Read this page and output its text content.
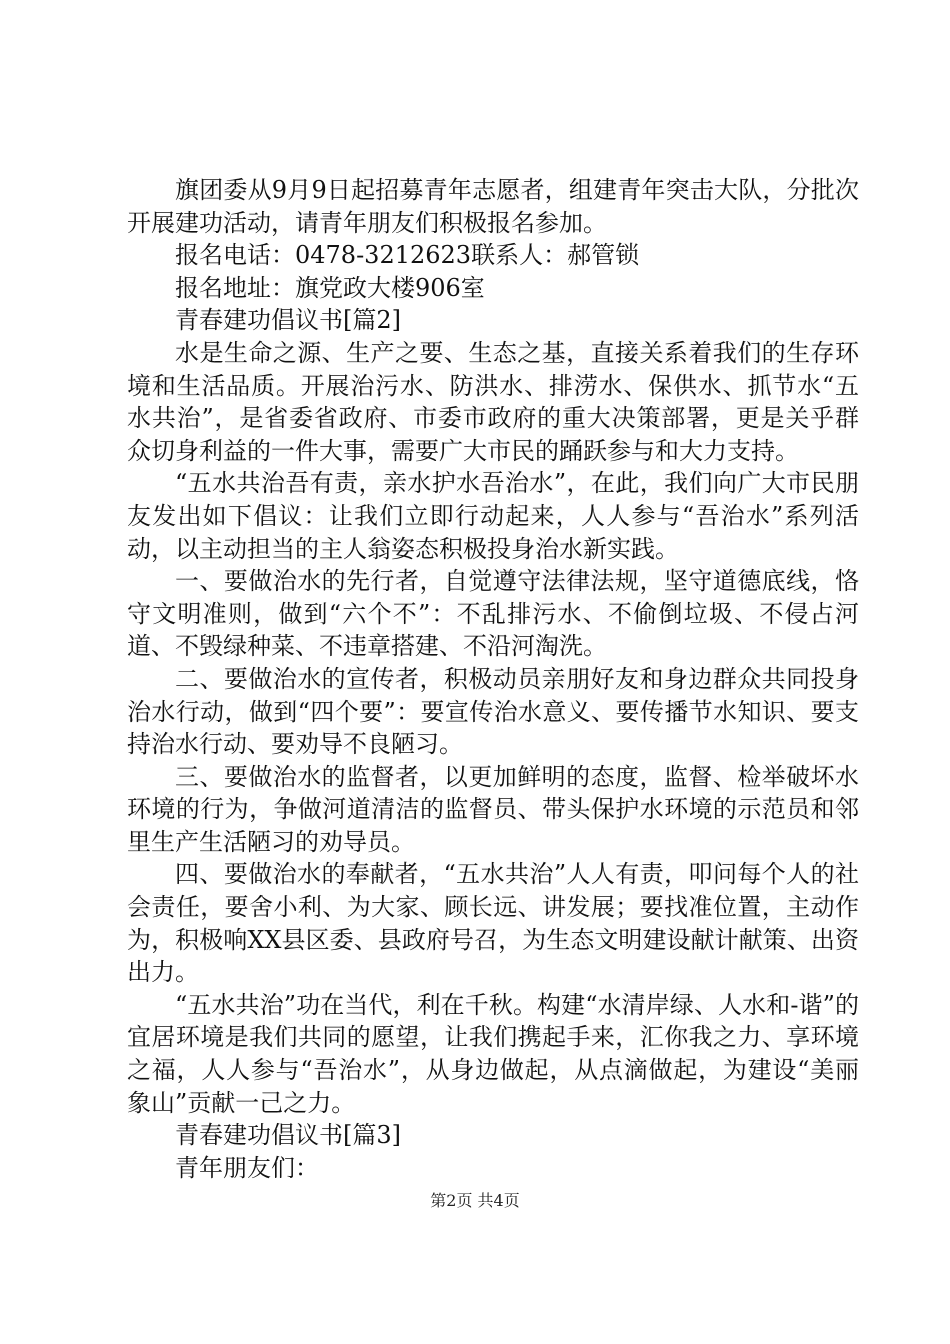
旗团委从9月9日起招募青年志愿者，组建青年突击大队，分批次开展建功活动，请青年朋友们积极报名参加。

报名电话：0478-3212623联系人：郝管锁

报名地址：旗党政大楼906室

青春建功倡议书[篇2]

水是生命之源、生产之要、生态之基，直接关系着我们的生存环境和生活品质。开展治污水、防洪水、排涝水、保供水、抓节水“五水共治”，是省委省政府、市委市政府的重大决策部署，更是关乎群众切身利益的一件大事，需要广大市民的踊跃参与和大力支持。

“五水共治吾有责，亲水护水吾治水”，在此，我们向广大市民朋友发出如下倡议：让我们立即行动起来，人人参与“吾治水”系列活动，以主动担当的主人翁姿态积极投身治水新实践。

一、要做治水的先行者，自觉遵守法律法规，坚守道德底线，恪守文明准则，做到“六个不”：不乱排污水、不偷倒垃圾、不侵占河道、不毁绿种菜、不违章搭建、不沿河淘洗。

二、要做治水的宣传者，积极动员亲朋好友和身边群众共同投身治水行动，做到“四个要”：要宣传治水意义、要传播节水知识、要支持治水行动、要劝导不良陋习。

三、要做治水的监督者，以更加鲜明的态度，监督、检举破坏水环境的行为，争做河道清洁的监督员、带头保护水环境的示范员和邻里生产生活陋习的劝导员。

四、要做治水的奉献者，“五水共治”人人有责，叩问每个人的社会责任，要舍小利、为大家、顾长远、讲发展；要找准位置，主动作为，积极响XX县区委、县政府号召，为生态文明建设献计献策、出资出力。

“五水共治”功在当代，利在千秋。构建“水清岸绿、人水和-谐”的宜居环境是我们共同的愿望，让我们携起手来，汇你我之力、享环境之福，人人参与“吾治水”，从身边做起，从点滴做起，为建设“美丽象山”贡献一己之力。

青春建功倡议书[篇3]

青年朋友们：

第2页 共4页
